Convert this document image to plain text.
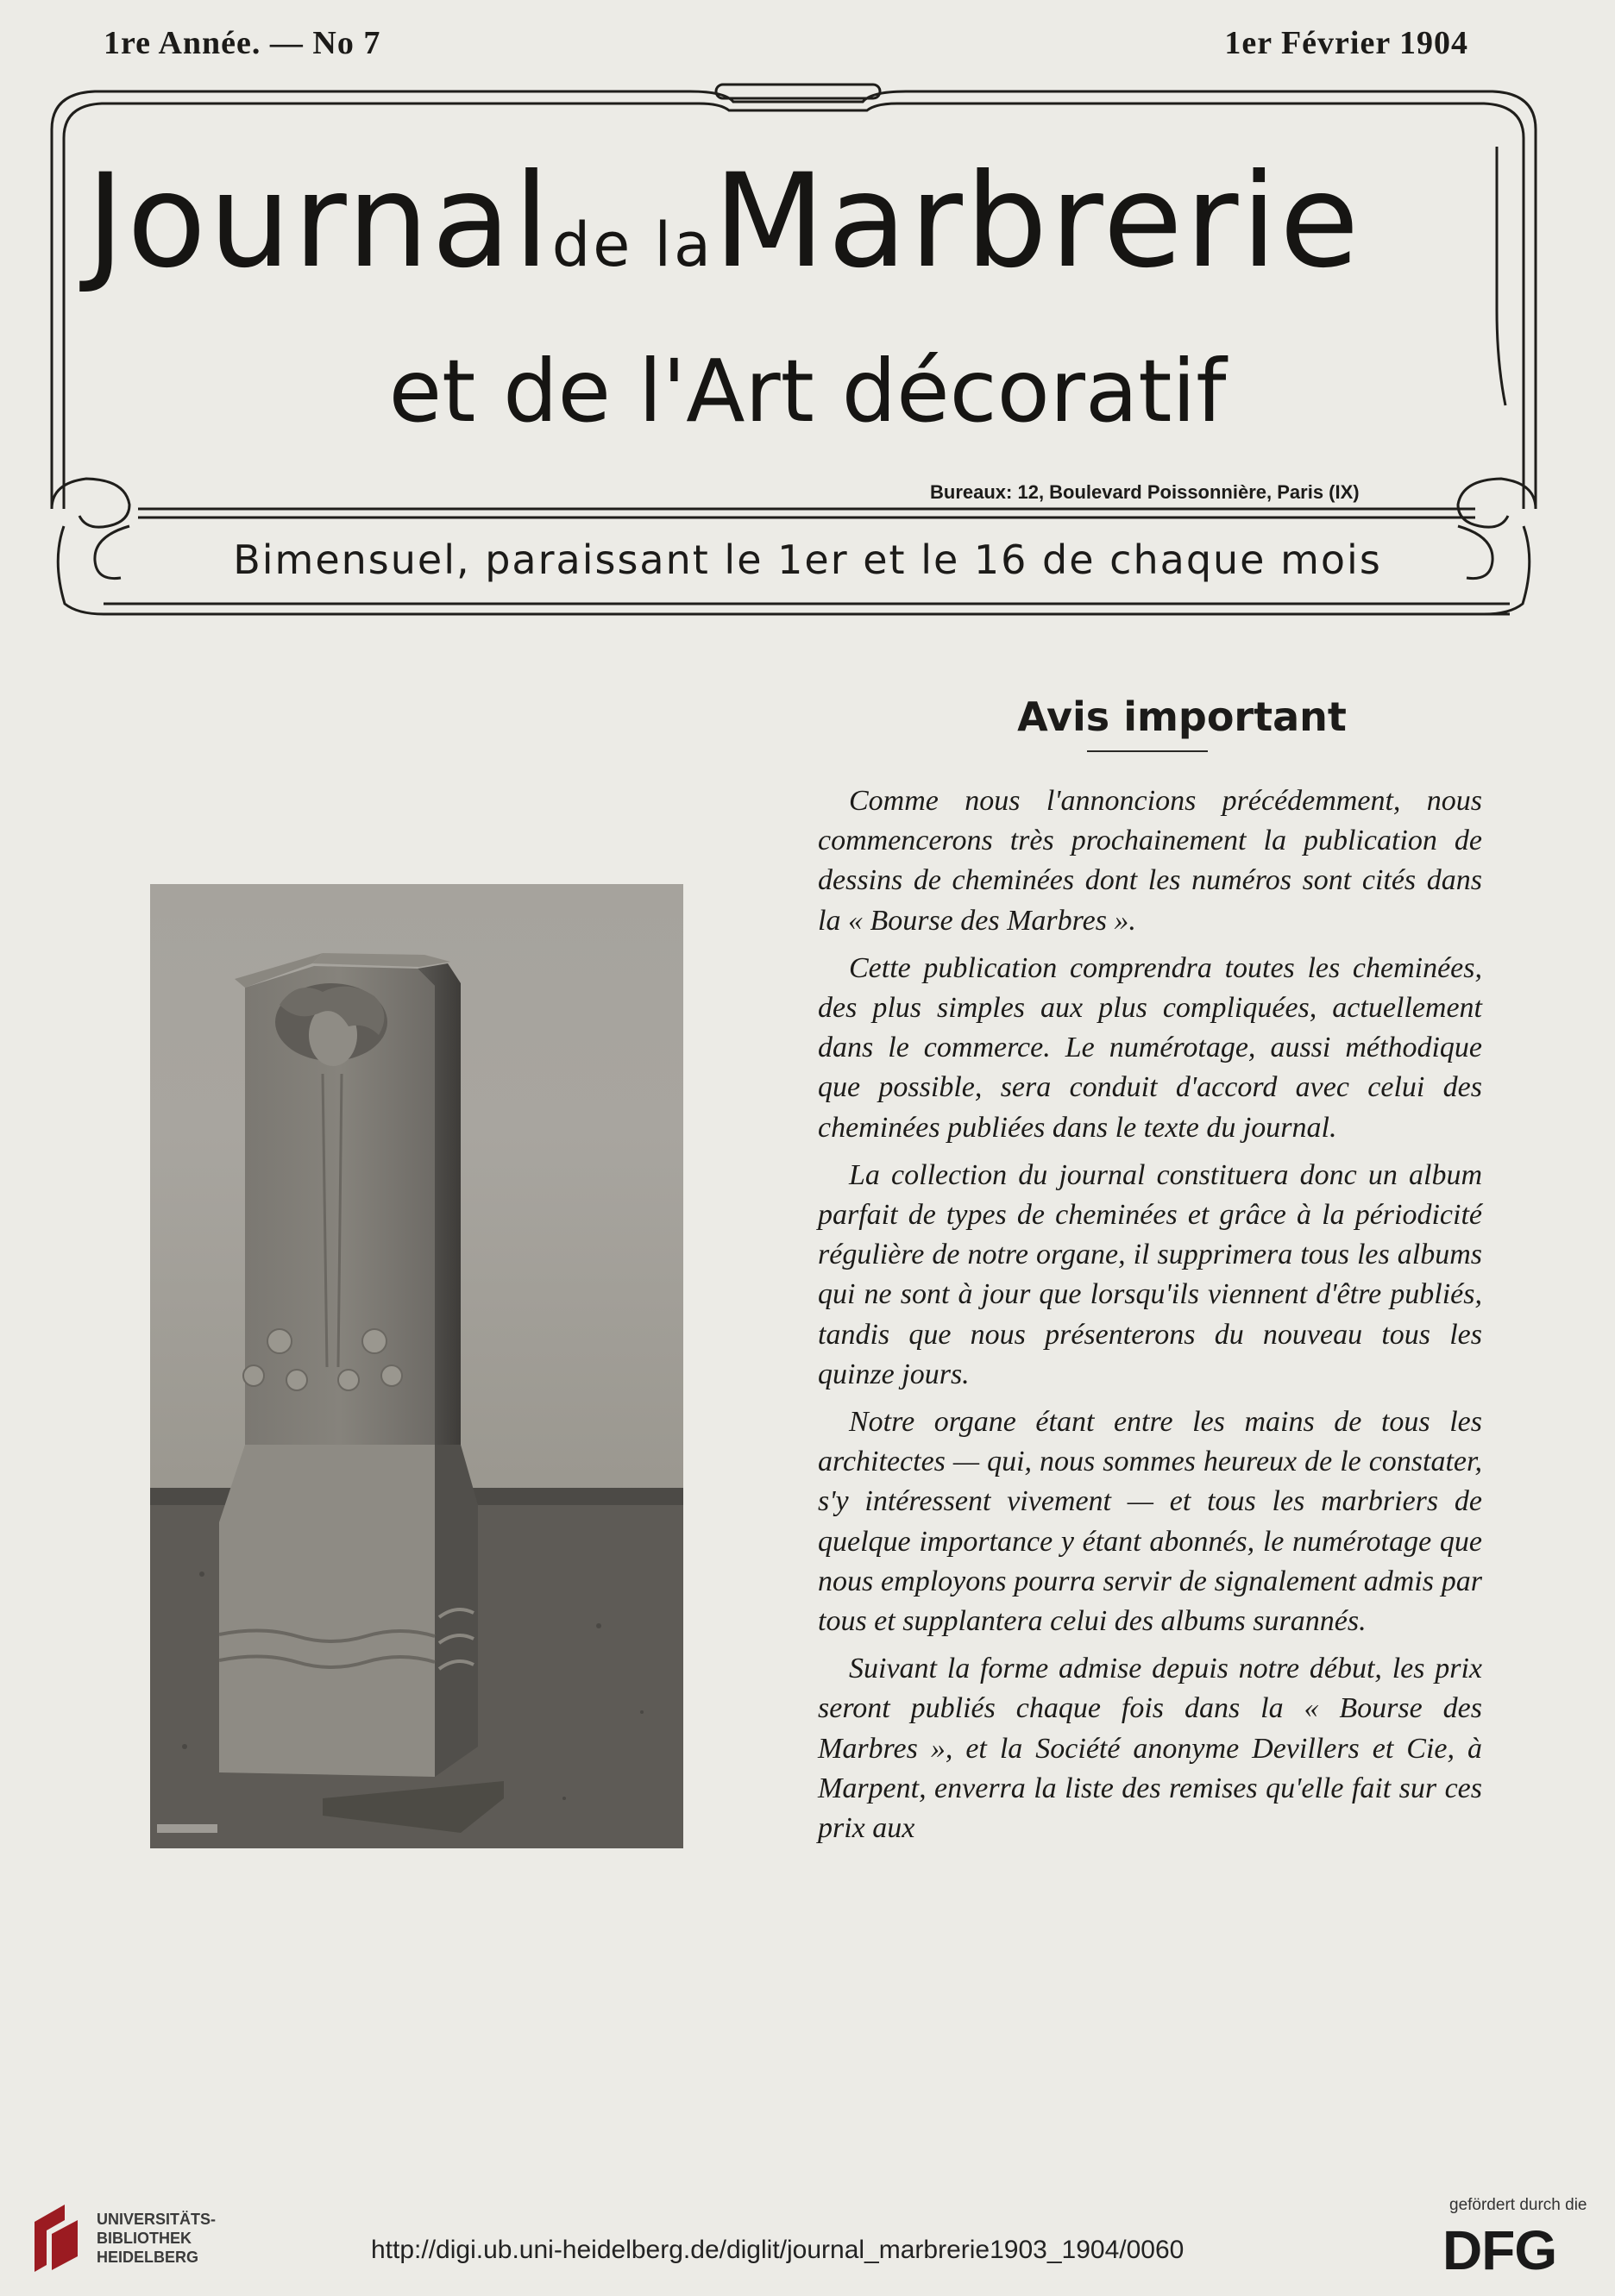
1re Année. — No 7	1er Février 1904
Journalde laMarbrerie
et de l'Art décoratif
Bureaux: 12, Boulevard Poissonnière, Paris (IX)
Bimensuel, paraissant le 1er et le 16 de chaque mois
Avis important

Comme nous l'annoncions précédemment, nous commencerons très prochainement la publication de dessins de cheminées dont les numéros sont cités dans la « Bourse des Marbres ».

Cette publication comprendra toutes les cheminées, des plus simples aux plus compliquées, actuellement dans le commerce. Le numérotage, aussi méthodique que possible, sera conduit d'accord avec celui des cheminées publiées dans le texte du journal.

La collection du journal constituera donc un album parfait de types de cheminées et grâce à la périodicité régulière de notre organe, il supprimera tous les albums qui ne sont à jour que lorsqu'ils viennent d'être publiés, tandis que nous présenterons du nouveau tous les quinze jours.

Notre organe étant entre les mains de tous les architectes — qui, nous sommes heureux de le constater, s'y intéressent vivement — et tous les marbriers de quelque importance y étant abonnés, le numérotage que nous employons pourra servir de signalement admis par tous et supplantera celui des albums surannés.

Suivant la forme admise depuis notre début, les prix seront publiés chaque fois dans la « Bourse des Marbres », et la Société anonyme Devillers et Cie, à Marpent, enverra la liste des remises qu'elle fait sur ces prix aux

UNIVERSITÄTS-
BIBLIOTHEK
HEIDELBERG	http://digi.ub.uni-heidelberg.de/diglit/journal_marbrerie1903_1904/0060
gefördert durch die
DFG
